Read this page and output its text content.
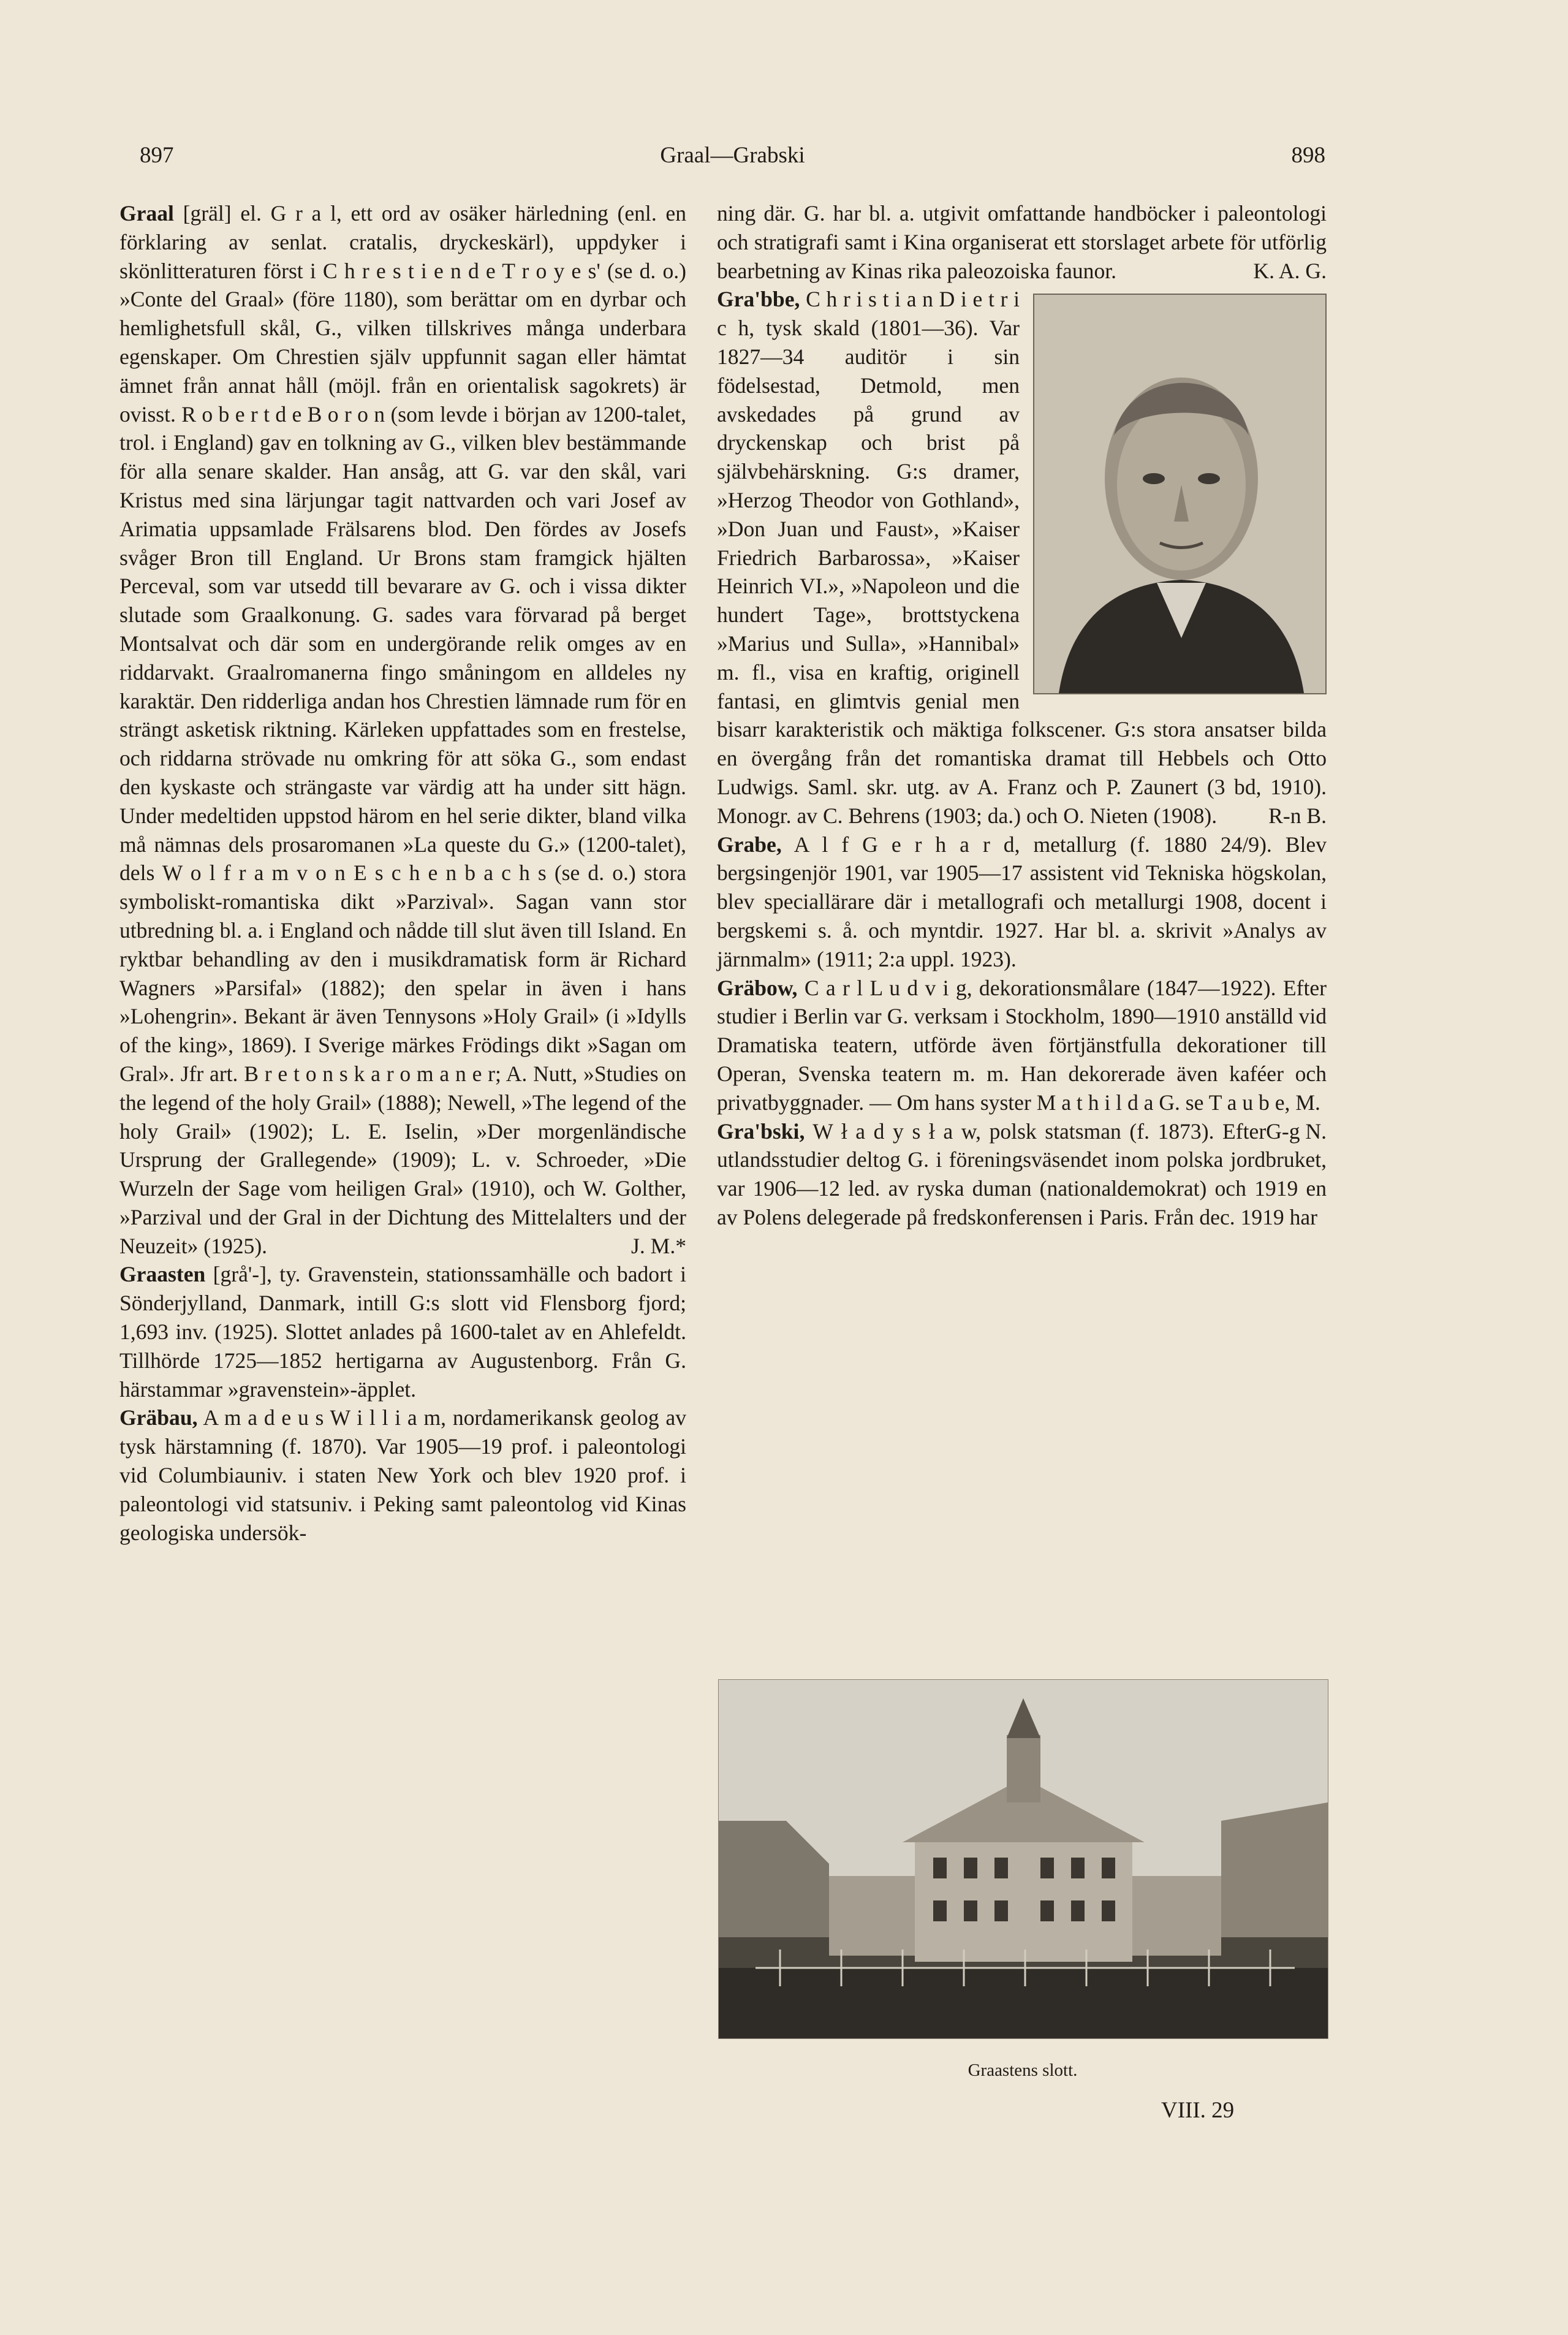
897	Graal—Grabski	898

Graal [gräl] el. G r a l, ett ord av osäker härledning (enl. en förklaring av senlat. cratalis, dryckeskärl), uppdyker i skönlitteraturen först i C h r e s t i e n d e T r o y e s' (se d. o.) »Conte del Graal» (före 1180), som berättar om en dyrbar och hemlighetsfull skål, G., vilken tillskrives många underbara egenskaper. Om Chrestien själv uppfunnit sagan eller hämtat ämnet från annat håll (möjl. från en orientalisk sagokrets) är ovisst. R o b e r t d e B o r o n (som levde i början av 1200-talet, trol. i England) gav en tolkning av G., vilken blev bestämmande för alla senare skalder. Han ansåg, att G. var den skål, vari Kristus med sina lärjungar tagit nattvarden och vari Josef av Arimatia uppsamlade Frälsarens blod. Den fördes av Josefs svåger Bron till England. Ur Brons stam framgick hjälten Perceval, som var utsedd till bevarare av G. och i vissa dikter slutade som Graalkonung. G. sades vara förvarad på berget Montsalvat och där som en undergörande relik omges av en riddarvakt. Graalromanerna fingo småningom en alldeles ny karaktär. Den ridderliga andan hos Chrestien lämnade rum för en strängt asketisk riktning. Kärleken uppfattades som en frestelse, och riddarna strövade nu omkring för att söka G., som endast den kyskaste och strängaste var värdig att ha under sitt hägn. Under medeltiden uppstod härom en hel serie dikter, bland vilka må nämnas dels prosaromanen »La queste du G.» (1200-talet), dels W o l f r a m v o n E s c h e n b a c h s (se d. o.) stora symboliskt-romantiska dikt »Parzival». Sagan vann stor utbredning bl. a. i England och nådde till slut även till Island. En ryktbar behandling av den i musikdramatisk form är Richard Wagners »Parsifal» (1882); den spelar in även i hans »Lohengrin». Bekant är även Tennysons »Holy Grail» (i »Idylls of the king», 1869). I Sverige märkes Frödings dikt »Sagan om Gral». Jfr art. B r e t o n s k a r o m a n e r; A. Nutt, »Studies on the legend of the holy Grail» (1888); Newell, »The legend of the holy Grail» (1902); L. E. Iselin, »Der morgenländische Ursprung der Grallegende» (1909); L. v. Schroeder, »Die Wurzeln der Sage vom heiligen Gral» (1910), och W. Golther, »Parzival und der Gral in der Dichtung des Mittelalters und der Neuzeit» (1925).	J. M.*

Graasten [grå'-], ty. Gravenstein, stationssamhälle och badort i Sönderjylland, Danmark, intill G:s slott vid Flensborg fjord; 1,693 inv. (1925). Slottet anlades på 1600-talet av en Ahlefeldt. Tillhörde 1725—1852 hertigarna av Augustenborg. Från G. härstammar »gravenstein»-äpplet.

Gräbau, A m a d e u s W i l l i a m, nordamerikansk geolog av tysk härstamning (f. 1870). Var 1905—19 prof. i paleontologi vid Columbiauniv. i staten New York och blev 1920 prof. i paleontologi vid statsuniv. i Peking samt paleontolog vid Kinas geologiska undersök-

ning där. G. har bl. a. utgivit omfattande handböcker i paleontologi och stratigrafi samt i Kina organiserat ett storslaget arbete för utförlig bearbetning av Kinas rika paleozoiska faunor.	K. A. G.

Gra'bbe,
C h r i s t i a n D i e t r i c h, tysk skald (1801—36). Var 1827—34 auditör i sin födelsestad, Detmold, men avskedades på grund av dryckenskap och brist på självbehärskning. G:s dramer, »Herzog Theodor von Gothland», »Don Juan und Faust», »Kaiser Friedrich Barbarossa», »Kaiser Heinrich VI.», »Napoleon und die hundert Tage», brottstyckena »Marius und Sulla», »Hannibal» m. fl., visa en kraftig, originell fantasi, en glimtvis genial men bisarr karakteristik och mäktiga folkscener. G:s stora ansatser bilda en övergång från det romantiska dramat till Hebbels och Otto Ludwigs. Saml. skr. utg. av A. Franz och P. Zaunert (3 bd, 1910). Monogr. av C. Behrens (1903; da.) och O. Nieten (1908). R-n B.

Grabe, A l f G e r h a r d, metallurg (f. 1880 24/9). Blev bergsingenjör 1901, var 1905—17 assistent vid Tekniska högskolan, blev speciallärare där i metallografi och metallurgi 1908, docent i bergskemi s. å. och myntdir. 1927. Har bl. a. skrivit »Analys av järnmalm» (1911; 2:a uppl. 1923).

Gräbow, C a r l L u d v i g, dekorationsmålare (1847—1922). Efter studier i Berlin var G. verksam i Stockholm, 1890—1910 anställd vid Dramatiska teatern, utförde även förtjänstfulla dekorationer till Operan, Svenska teatern m. m. Han dekorerade även kaféer och privatbyggnader. — Om hans syster M a t h i l d a G. se T a u b e, M.
G-g N.

Gra'bski, W ł a d y s ł a w, polsk statsman (f. 1873). Efter utlandsstudier deltog G. i föreningsväsendet inom polska jordbruket, var 1906—12 led. av ryska duman (nationaldemokrat) och 1919 en av Polens delegerade på fredskonferensen i Paris. Från dec. 1919 har

Graastens slott.
VIII. 29
